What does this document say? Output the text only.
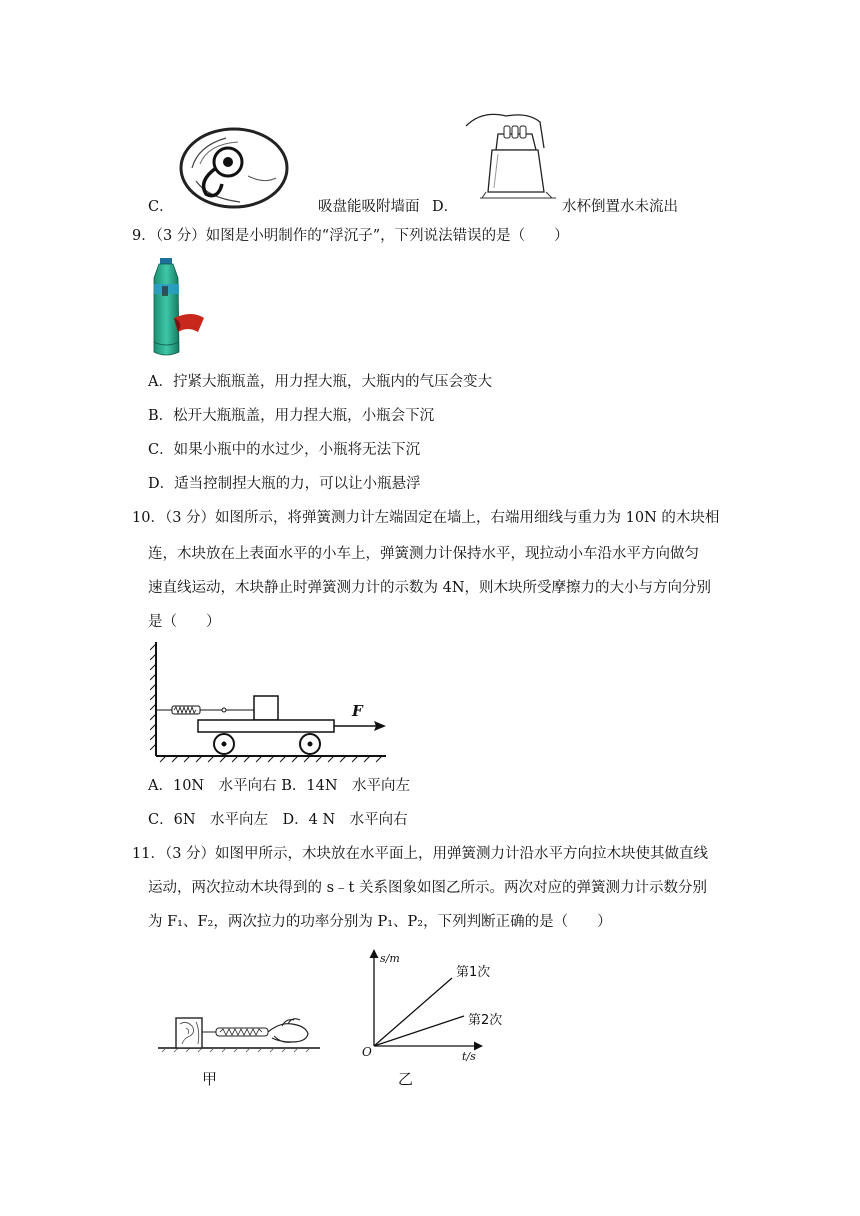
C．	吸盘能吸附墙面 D．	水杯倒置水未流出
9．（3 分）如图是小明制作的“浮沉子”，下列说法错误的是（　　）
A．拧紧大瓶瓶盖，用力捏大瓶，大瓶内的气压会变大
B．松开大瓶瓶盖，用力捏大瓶，小瓶会下沉
C．如果小瓶中的水过少，小瓶将无法下沉
D．适当控制捏大瓶的力，可以让小瓶悬浮
10．（3 分）如图所示，将弹簧测力计左端固定在墙上，右端用细线与重力为 10N 的木块相
连，木块放在上表面水平的小车上，弹簧测力计保持水平，现拉动小车沿水平方向做匀
速直线运动，木块静止时弹簧测力计的示数为 4N，则木块所受摩擦力的大小与方向分别
是（　　）
F
A．10N　水平向右 B．14N　水平向左
C．6N　水平向左　D．4 N　水平向右
11．（3 分）如图甲所示，木块放在水平面上，用弹簧测力计沿水平方向拉木块使其做直线
运动，两次拉动木块得到的 s﹣t 关系图象如图乙所示。两次对应的弹簧测力计示数分别
为 F₁、F₂，两次拉力的功率分别为 P₁、P₂，下列判断正确的是（　　）
甲
s/m
t/s
O
第1次
第2次
乙
